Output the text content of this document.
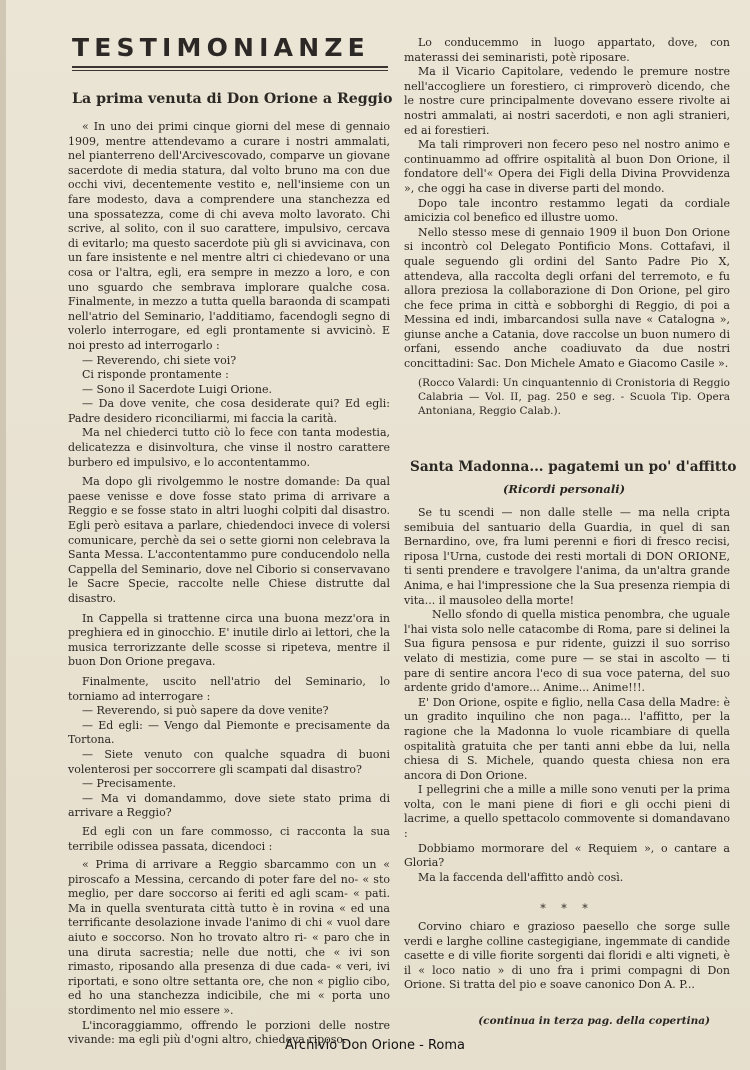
TESTIMONIANZE
La prima venuta di Don Orione a Reggio

« In uno dei primi cinque giorni del mese di gennaio 1909, mentre attendevamo a curare i nostri ammalati, nel pianterreno dell'Arcivescovado, comparve un giovane sacerdote di media statura, dal volto bruno ma con due occhi vivi, decentemente vestito e, nell'insieme con un fare modesto, dava a comprendere una stanchezza ed una spossatezza, come di chi aveva molto lavorato. Chi scrive, al solito, con il suo carattere, impulsivo, cercava di evitarlo; ma questo sacerdote più gli si avvicinava, con un fare insistente e nel mentre altri ci chiedevano or una cosa or l'altra, egli, era sempre in mezzo a loro, e con uno sguardo che sembrava implorare qualche cosa. Finalmente, in mezzo a tutta quella baraonda di scampati nell'atrio del Seminario, l'additiamo, facendogli segno di volerlo interrogare, ed egli prontamente si avvicinò. E noi presto ad interrogarlo :

— Reverendo, chi siete voi?

Ci risponde prontamente :

— Sono il Sacerdote Luigi Orione.

— Da dove venite, che cosa desiderate qui? Ed egli: Padre desidero riconciliarmi, mi faccia la carità.

Ma nel chiederci tutto ciò lo fece con tanta modestia, delicatezza e disinvoltura, che vinse il nostro carattere burbero ed impulsivo, e lo accontentammo.

Ma dopo gli rivolgemmo le nostre domande: Da qual paese venisse e dove fosse stato prima di arrivare a Reggio e se fosse stato in altri luoghi colpiti dal disastro. Egli però esitava a parlare, chiedendoci invece di volersi comunicare, perchè da sei o sette giorni non celebrava la Santa Messa. L'accontentammo pure conducendolo nella Cappella del Seminario, dove nel Ciborio si conservavano le Sacre Specie, raccolte nelle Chiese distrutte dal disastro.

In Cappella si trattenne circa una buona mezz'ora in preghiera ed in ginocchio. E' inutile dirlo ai lettori, che la musica terrorizzante delle scosse si ripeteva, mentre il buon Don Orione pregava.

Finalmente, uscito nell'atrio del Seminario, lo torniamo ad interrogare :

— Reverendo, si può sapere da dove venite?

— Ed egli: — Vengo dal Piemonte e precisamente da Tortona.

— Siete venuto con qualche squadra di buoni volenterosi per soccorrere gli scampati dal disastro?

— Precisamente.

— Ma vi domandammo, dove siete stato prima di arrivare a Reggio?

Ed egli con un fare commosso, ci racconta la sua terribile odissea passata, dicendoci :

« Prima di arrivare a Reggio sbarcammo con un « piroscafo a Messina, cercando di poter fare del no- « sto meglio, per dare soccorso ai feriti ed agli scam- « pati. Ma in quella sventurata città tutto è in rovina « ed una terrificante desolazione invade l'animo di chi « vuol dare aiuto e soccorso. Non ho trovato altro ri- « paro che in una diruta sacrestia; nelle due notti, che « ivi son rimasto, riposando alla presenza di due cada- « veri, ivi riportati, e sono oltre settanta ore, che non « piglio cibo, ed ho una stanchezza indicibile, che mi « porta uno stordimento nel mio essere ».

L'incoraggiammo, offrendo le porzioni delle nostre vivande: ma egli più d'ogni altro, chiedeva riposo.

Lo conducemmo in luogo appartato, dove, con materassi dei seminaristi, potè riposare.

Ma il Vicario Capitolare, vedendo le premure nostre nell'accogliere un forestiero, ci rimproverò dicendo, che le nostre cure principalmente dovevano essere rivolte ai nostri ammalati, ai nostri sacerdoti, e non agli stranieri, ed ai forestieri.

Ma tali rimproveri non fecero peso nel nostro animo e continuammo ad offrire ospitalità al buon Don Orione, il fondatore dell'« Opera dei Figli della Divina Provvidenza », che oggi ha case in diverse parti del mondo.

Dopo tale incontro restammo legati da cordiale amicizia col benefico ed illustre uomo.

Nello stesso mese di gennaio 1909 il buon Don Orione si incontrò col Delegato Pontificio Mons. Cottafavi, il quale seguendo gli ordini del Santo Padre Pio X, attendeva, alla raccolta degli orfani del terremoto, e fu allora preziosa la collaborazione di Don Orione, pel giro che fece prima in città e sobborghi di Reggio, di poi a Messina ed indi, imbarcandosi sulla nave « Catalogna », giunse anche a Catania, dove raccolse un buon numero di orfani, essendo anche coadiuvato da due nostri concittadini: Sac. Don Michele Amato e Giacomo Casile ».

(Rocco Valardi: Un cinquantennio di Cronistoria di Reggio Calabria — Vol. II, pag. 250 e seg. - Scuola Tip. Opera Antoniana, Reggio Calab.).

Santa Madonna... pagatemi un po' d'affitto
(Ricordi personali)

Se tu scendi — non dalle stelle — ma nella cripta semibuia del santuario della Guardia, in quel di san Bernardino, ove, fra lumi perenni e fiori di fresco recisi, riposa l'Urna, custode dei resti mortali di DON ORIONE, ti senti prendere e travolgere l'anima, da un'altra grande Anima, e hai l'impressione che la Sua presenza riempia di vita... il mausoleo della morte!

Nello sfondo di quella mistica penombra, che uguale l'hai vista solo nelle catacombe di Roma, pare si delinei la Sua figura pensosa e pur ridente, guizzi il suo sorriso velato di mestizia, come pure — se stai in ascolto — ti pare di sentire ancora l'eco di sua voce paterna, del suo ardente grido d'amore... Anime... Anime!!!.

E' Don Orione, ospite e figlio, nella Casa della Madre: è un gradito inquilino che non paga... l'affitto, per la ragione che la Madonna lo vuole ricambiare di quella ospitalità gratuita che per tanti anni ebbe da lui, nella chiesa di S. Michele, quando questa chiesa non era ancora di Don Orione.

I pellegrini che a mille a mille sono venuti per la prima volta, con le mani piene di fiori e gli occhi pieni di lacrime, a quello spettacolo commovente si domandavano :

Dobbiamo mormorare del « Requiem », o cantare a Gloria?

Ma la faccenda dell'affitto andò così.

* * *

Corvino chiaro e grazioso paesello che sorge sulle verdi e larghe colline castegigiane, ingemmate di candide casette e di ville fiorite sorgenti dai floridi e alti vigneti, è il « loco natio » di uno fra i primi compagni di Don Orione. Si tratta del pio e soave canonico Don A. P...

(continua in terza pag. della copertina)
Archivio Don Orione - Roma
